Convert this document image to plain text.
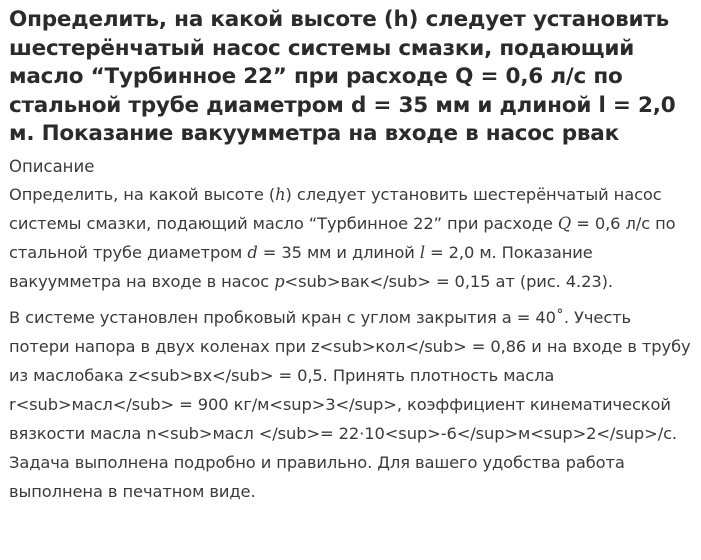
Определить, на какой высоте (h) следует установить шестерёнчатый насос системы смазки, подающий масло “Турбинное 22” при расходе Q = 0,6 л/с по стальной трубе диаметром d = 35 мм и длиной l = 2,0 м. Показание вакуумметра на входе в насос рвак
Описание

Определить, на какой высоте (h) следует установить шестерёнчатый насос системы смазки, подающий масло “Турбинное 22” при расходе Q = 0,6 л/с по стальной трубе диаметром d = 35 мм и длиной l = 2,0 м. Показание вакуумметра на входе в насос p<sub>вак</sub> = 0,15 ат (рис. 4.23).

В системе установлен пробковый кран с углом закрытия a = 40˚. Учесть потери напора в двух коленах при z<sub>кол</sub> = 0,86 и на входе в трубу из маслобака z<sub>вх</sub> = 0,5. Принять плотность масла r<sub>масл</sub> = 900 кг/м<sup>3</sup>, коэффициент кинематической вязкости масла n<sub>масл </sub>= 22·10<sup>-6</sup>м<sup>2</sup>/с. Задача выполнена подробно и правильно. Для вашего удобства работа выполнена в печатном виде.
